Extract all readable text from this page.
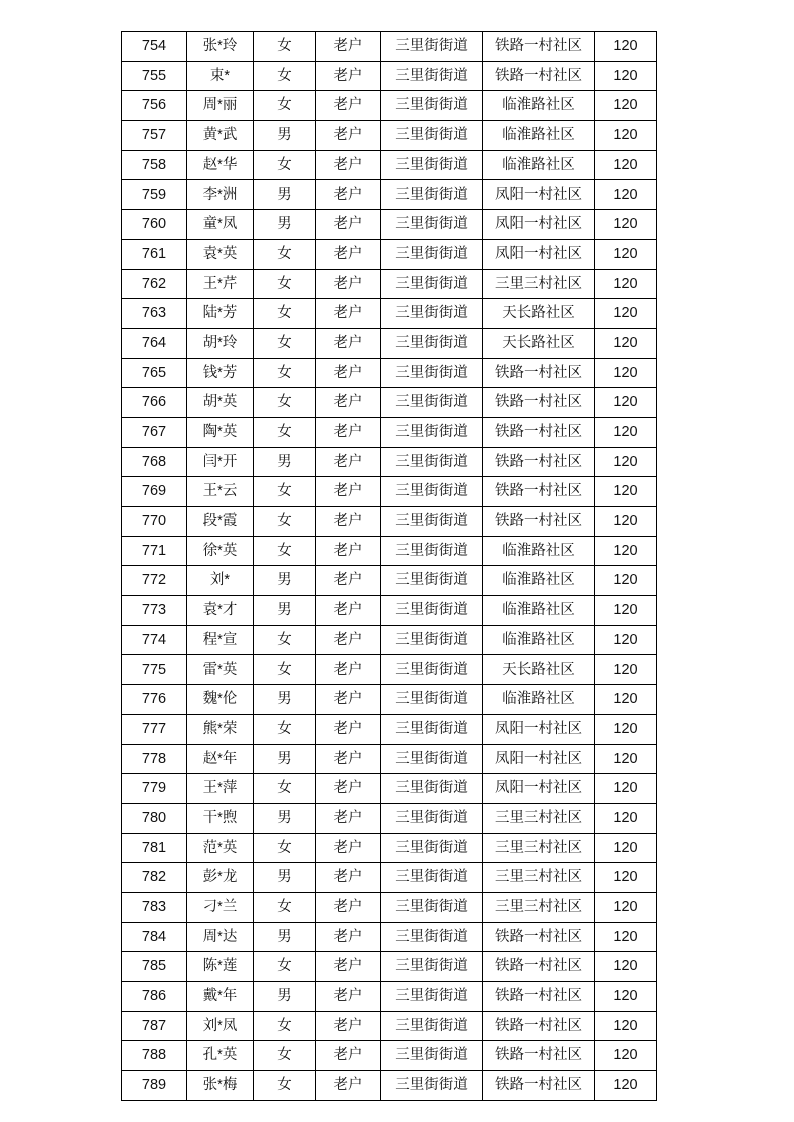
754	张*玲	女	老户	三里街街道	铁路一村社区	120
755	束*	女	老户	三里街街道	铁路一村社区	120
756	周*丽	女	老户	三里街街道	临淮路社区	120
757	黄*武	男	老户	三里街街道	临淮路社区	120
758	赵*华	女	老户	三里街街道	临淮路社区	120
759	李*洲	男	老户	三里街街道	凤阳一村社区	120
760	童*凤	男	老户	三里街街道	凤阳一村社区	120
761	袁*英	女	老户	三里街街道	凤阳一村社区	120
762	王*芹	女	老户	三里街街道	三里三村社区	120
763	陆*芳	女	老户	三里街街道	天长路社区	120
764	胡*玲	女	老户	三里街街道	天长路社区	120
765	钱*芳	女	老户	三里街街道	铁路一村社区	120
766	胡*英	女	老户	三里街街道	铁路一村社区	120
767	陶*英	女	老户	三里街街道	铁路一村社区	120
768	闫*开	男	老户	三里街街道	铁路一村社区	120
769	王*云	女	老户	三里街街道	铁路一村社区	120
770	段*霞	女	老户	三里街街道	铁路一村社区	120
771	徐*英	女	老户	三里街街道	临淮路社区	120
772	刘*	男	老户	三里街街道	临淮路社区	120
773	袁*才	男	老户	三里街街道	临淮路社区	120
774	程*宣	女	老户	三里街街道	临淮路社区	120
775	雷*英	女	老户	三里街街道	天长路社区	120
776	魏*伦	男	老户	三里街街道	临淮路社区	120
777	熊*荣	女	老户	三里街街道	凤阳一村社区	120
778	赵*年	男	老户	三里街街道	凤阳一村社区	120
779	王*萍	女	老户	三里街街道	凤阳一村社区	120
780	干*煦	男	老户	三里街街道	三里三村社区	120
781	范*英	女	老户	三里街街道	三里三村社区	120
782	彭*龙	男	老户	三里街街道	三里三村社区	120
783	刁*兰	女	老户	三里街街道	三里三村社区	120
784	周*达	男	老户	三里街街道	铁路一村社区	120
785	陈*莲	女	老户	三里街街道	铁路一村社区	120
786	戴*年	男	老户	三里街街道	铁路一村社区	120
787	刘*凤	女	老户	三里街街道	铁路一村社区	120
788	孔*英	女	老户	三里街街道	铁路一村社区	120
789	张*梅	女	老户	三里街街道	铁路一村社区	120
